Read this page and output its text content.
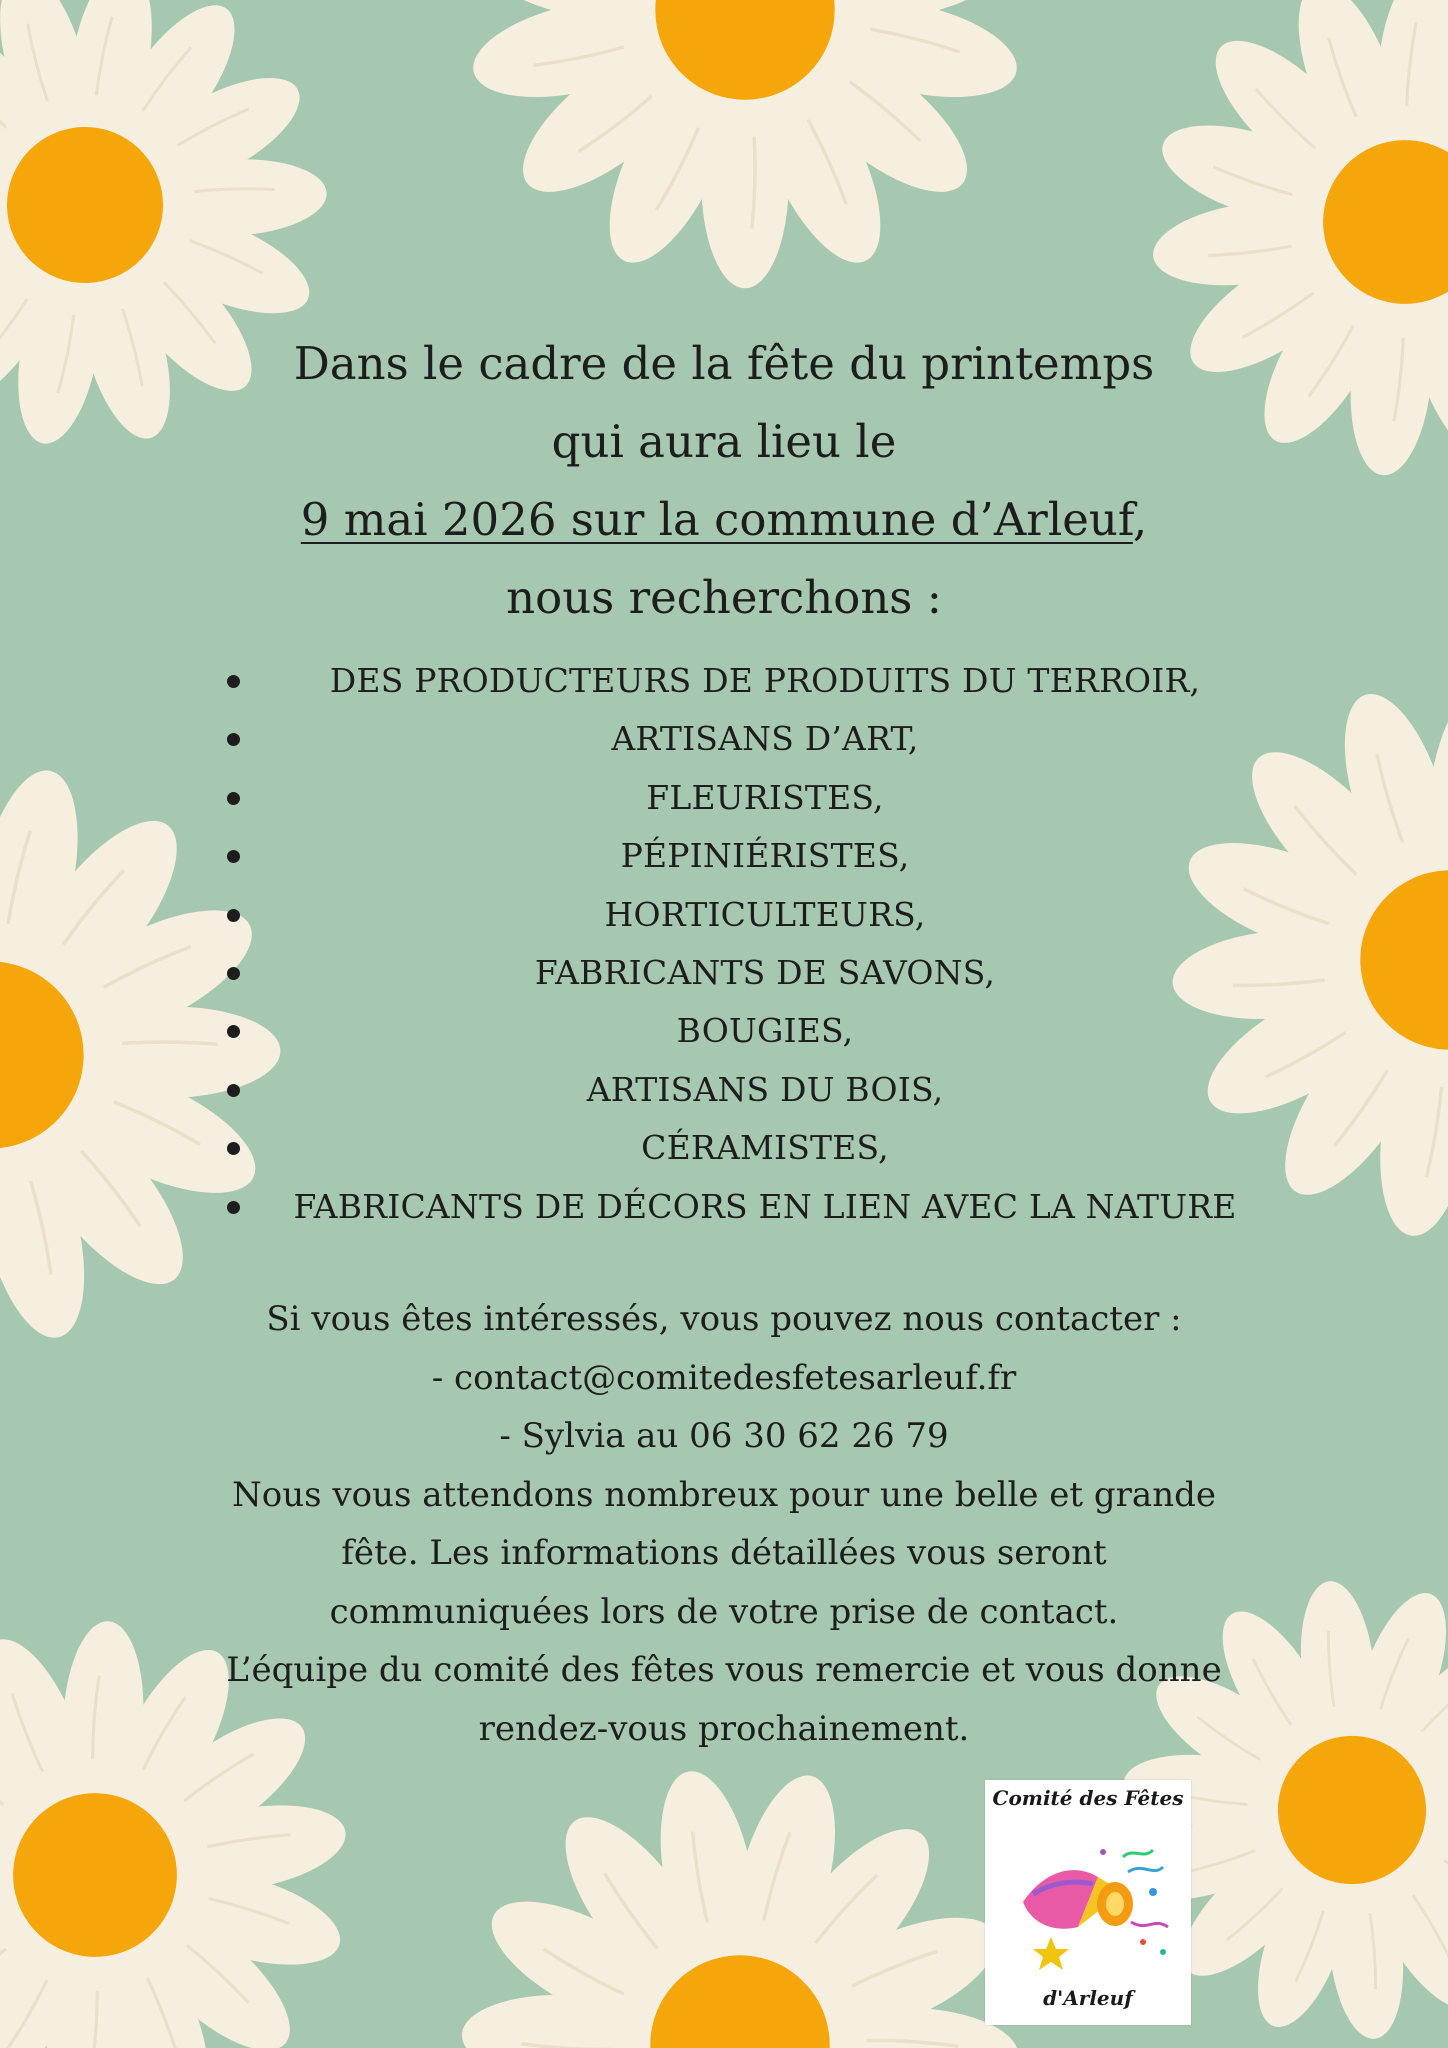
Dans le cadre de la fête du printemps
qui aura lieu le
9 mai 2026 sur la commune d’Arleuf,
nous recherchons :
DES PRODUCTEURS DE PRODUITS DU TERROIR,
ARTISANS D’ART,
FLEURISTES,
PÉPINIÉRISTES,
HORTICULTEURS,
FABRICANTS DE SAVONS,
BOUGIES,
ARTISANS DU BOIS,
CÉRAMISTES,
FABRICANTS DE DÉCORS EN LIEN AVEC LA NATURE
Si vous êtes intéressés, vous pouvez nous contacter :
- contact@comitedesfetesarleuf.fr
- Sylvia au 06 30 62 26 79
Nous vous attendons nombreux pour une belle et grande
fête. Les informations détaillées vous seront
communiquées lors de votre prise de contact.
L’équipe du comité des fêtes vous remercie et vous donne
rendez-vous prochainement.
Comité des Fêtes
d'Arleuf
